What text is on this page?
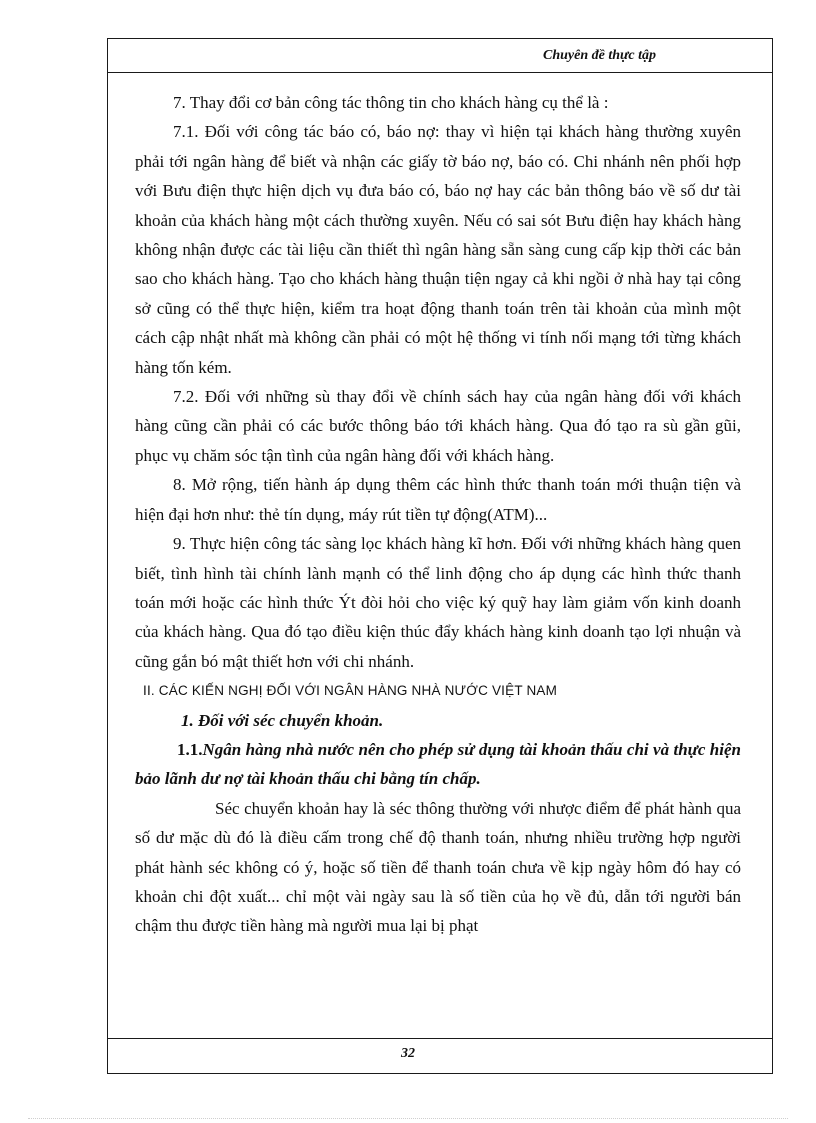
Chuyên đề thực tập

7. Thay đổi cơ bản công tác thông tin cho khách hàng cụ thể là :

7.1. Đối với công tác báo có, báo nợ: thay vì hiện tại khách hàng thường xuyên phải tới ngân hàng để biết và nhận các giấy tờ báo nợ, báo có. Chi nhánh nên phối hợp với Bưu điện thực hiện dịch vụ đưa báo có, báo nợ hay các bản thông báo về số dư tài khoản của khách hàng một cách thường xuyên. Nếu có sai sót Bưu điện hay khách hàng không nhận được các tài liệu cần thiết thì ngân hàng sẵn sàng cung cấp kịp thời các bản sao cho khách hàng. Tạo cho khách hàng thuận tiện ngay cả khi ngồi ở nhà hay tại công sở cũng có thể thực hiện, kiểm tra hoạt động thanh toán trên tài khoản của mình một cách cập nhật nhất mà không cần phải có một hệ thống vi tính nối mạng tới từng khách hàng tốn kém.

7.2. Đối với những sù thay đổi về chính sách hay của ngân hàng đối với khách hàng cũng cần phải có các bước thông báo tới khách hàng. Qua đó tạo ra sù gần gũi, phục vụ chăm sóc tận tình của ngân hàng đối với khách hàng.

8. Mở rộng, tiến hành áp dụng thêm các hình thức thanh toán mới thuận tiện và hiện đại hơn như: thẻ tín dụng, máy rút tiền tự động(ATM)...

9. Thực hiện công tác sàng lọc khách hàng kĩ hơn. Đối với những khách hàng quen biết, tình hình tài chính lành mạnh có thể linh động cho áp dụng các hình thức thanh toán mới hoặc các hình thức Ýt đòi hỏi cho việc ký quỹ hay làm giảm vốn kinh doanh của khách hàng. Qua đó tạo điều kiện thúc đẩy khách hàng kinh doanh tạo lợi nhuận và cũng gắn bó mật thiết hơn với chi nhánh.

II. CÁC KIẾN NGHỊ ĐỐI VỚI NGÂN HÀNG NHÀ NƯỚC VIỆT NAM

1. Đối với séc chuyển khoản.

1.1.Ngân hàng nhà nước nên cho phép sử dụng tài khoản thấu chi và thực hiện bảo lãnh dư nợ tài khoản thấu chi bằng tín chấp.

Séc chuyển khoản hay là séc thông thường với nhược điểm để phát hành qua số dư mặc dù đó là điều cấm trong chế độ thanh toán, nhưng nhiều trường hợp người phát hành séc không có ý, hoặc số tiền để thanh toán chưa về kịp ngày hôm đó hay có khoản chi đột xuất... chỉ một vài ngày sau là số tiền của họ về đủ, dẫn tới người bán chậm thu được tiền hàng mà người mua lại bị phạt

32
